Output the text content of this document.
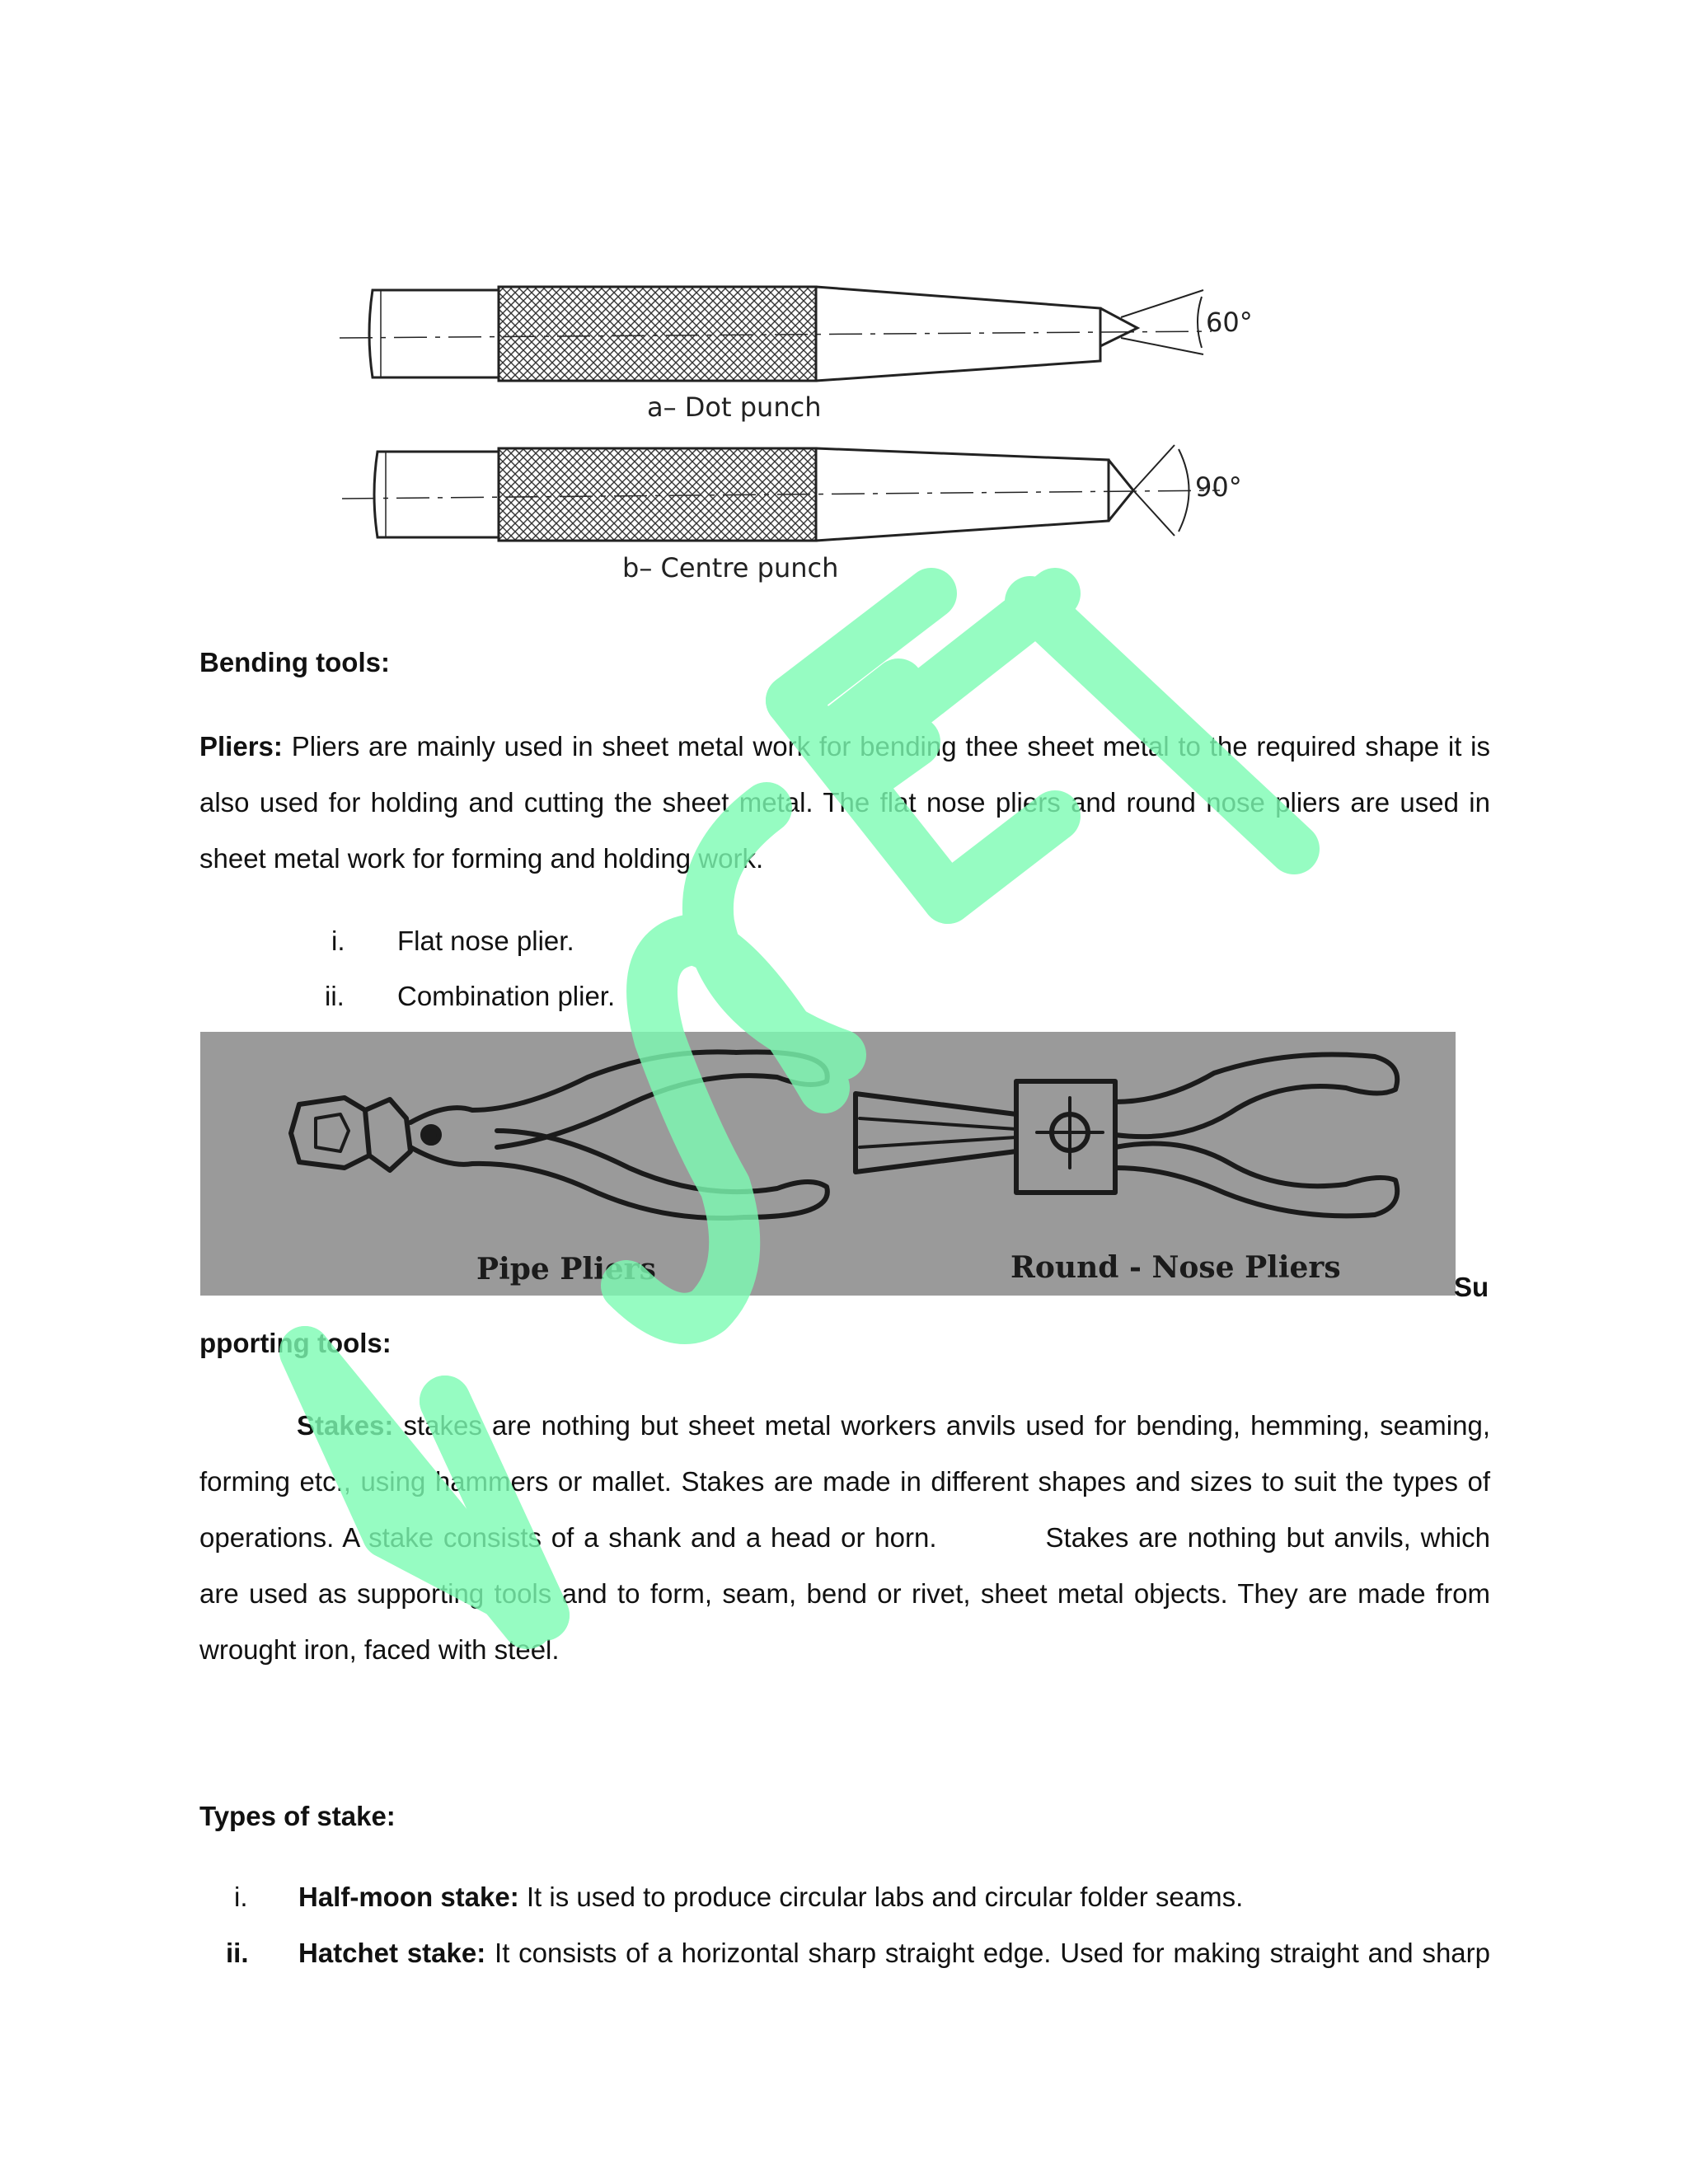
60°
a– Dot punch
90°
b– Centre punch
Bending tools:
Pliers: Pliers are mainly used in sheet metal work for bending thee sheet metal to the required shape it is also used for holding and cutting the sheet metal. The flat nose pliers and round nose pliers are used in sheet metal work for forming and holding work.
i. Flat nose plier.
ii. Combination plier.
Pipe Pliers	Round - Nose Pliers
Su
pporting tools:
Stakes: stakes are nothing but sheet metal workers anvils used for bending, hemming, seaming,
forming etc., using hammers or mallet. Stakes are made in different shapes and sizes to suit the types of operations. A stake consists of a shank and a head or horn.    Stakes are nothing but anvils, which are used as supporting tools and to form, seam, bend or rivet, sheet metal objects. They are made from wrought iron, faced with steel.
Types of stake:
i. Half-moon stake: It is used to produce circular labs and circular folder seams.
ii. Hatchet stake: It consists of a horizontal sharp straight edge. Used for making straight and sharp
